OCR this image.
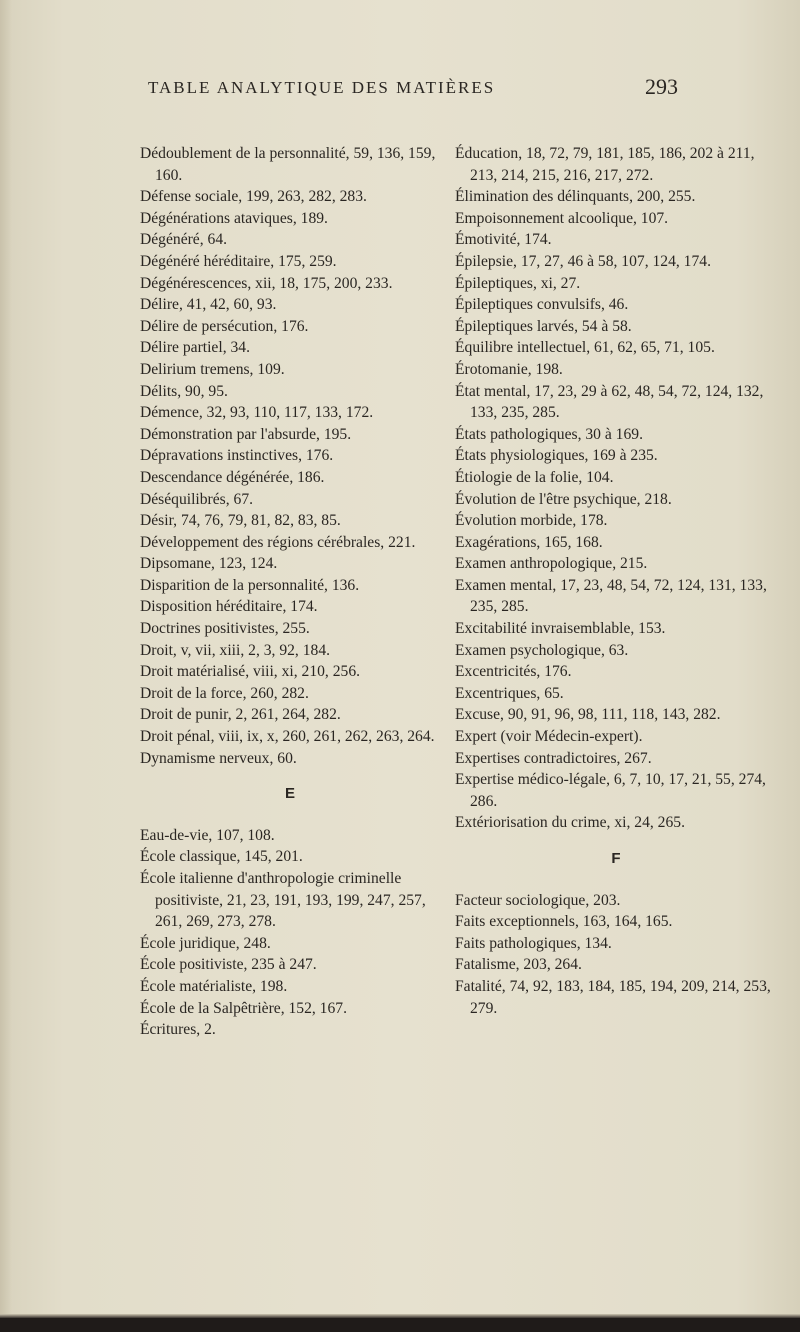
TABLE ANALYTIQUE DES MATIÈRES	293

Dédoublement de la personnalité, 59, 136, 159, 160.

Défense sociale, 199, 263, 282, 283.

Dégénérations ataviques, 189.

Dégénéré, 64.

Dégénéré héréditaire, 175, 259.

Dégénérescences, xii, 18, 175, 200, 233.

Délire, 41, 42, 60, 93.

Délire de persécution, 176.

Délire partiel, 34.

Delirium tremens, 109.

Délits, 90, 95.

Démence, 32, 93, 110, 117, 133, 172.

Démonstration par l'absurde, 195.

Dépravations instinctives, 176.

Descendance dégénérée, 186.

Déséquilibrés, 67.

Désir, 74, 76, 79, 81, 82, 83, 85.

Développement des régions cérébrales, 221.

Dipsomane, 123, 124.

Disparition de la personnalité, 136.

Disposition héréditaire, 174.

Doctrines positivistes, 255.

Droit, v, vii, xiii, 2, 3, 92, 184.

Droit matérialisé, viii, xi, 210, 256.

Droit de la force, 260, 282.

Droit de punir, 2, 261, 264, 282.

Droit pénal, viii, ix, x, 260, 261, 262, 263, 264.

Dynamisme nerveux, 60.

E

Eau-de-vie, 107, 108.

École classique, 145, 201.

École italienne d'anthropologie criminelle positiviste, 21, 23, 191, 193, 199, 247, 257, 261, 269, 273, 278.

École juridique, 248.

École positiviste, 235 à 247.

École matérialiste, 198.

École de la Salpêtrière, 152, 167.

Écritures, 2.

Éducation, 18, 72, 79, 181, 185, 186, 202 à 211, 213, 214, 215, 216, 217, 272.

Élimination des délinquants, 200, 255.

Empoisonnement alcoolique, 107.

Émotivité, 174.

Épilepsie, 17, 27, 46 à 58, 107, 124, 174.

Épileptiques, xi, 27.

Épileptiques convulsifs, 46.

Épileptiques larvés, 54 à 58.

Équilibre intellectuel, 61, 62, 65, 71, 105.

Érotomanie, 198.

État mental, 17, 23, 29 à 62, 48, 54, 72, 124, 132, 133, 235, 285.

États pathologiques, 30 à 169.

États physiologiques, 169 à 235.

Étiologie de la folie, 104.

Évolution de l'être psychique, 218.

Évolution morbide, 178.

Exagérations, 165, 168.

Examen anthropologique, 215.

Examen mental, 17, 23, 48, 54, 72, 124, 131, 133, 235, 285.

Excitabilité invraisemblable, 153.

Examen psychologique, 63.

Excentricités, 176.

Excentriques, 65.

Excuse, 90, 91, 96, 98, 111, 118, 143, 282.

Expert (voir Médecin-expert).

Expertises contradictoires, 267.

Expertise médico-légale, 6, 7, 10, 17, 21, 55, 274, 286.

Extériorisation du crime, xi, 24, 265.

F

Facteur sociologique, 203.

Faits exceptionnels, 163, 164, 165.

Faits pathologiques, 134.

Fatalisme, 203, 264.

Fatalité, 74, 92, 183, 184, 185, 194, 209, 214, 253, 279.
